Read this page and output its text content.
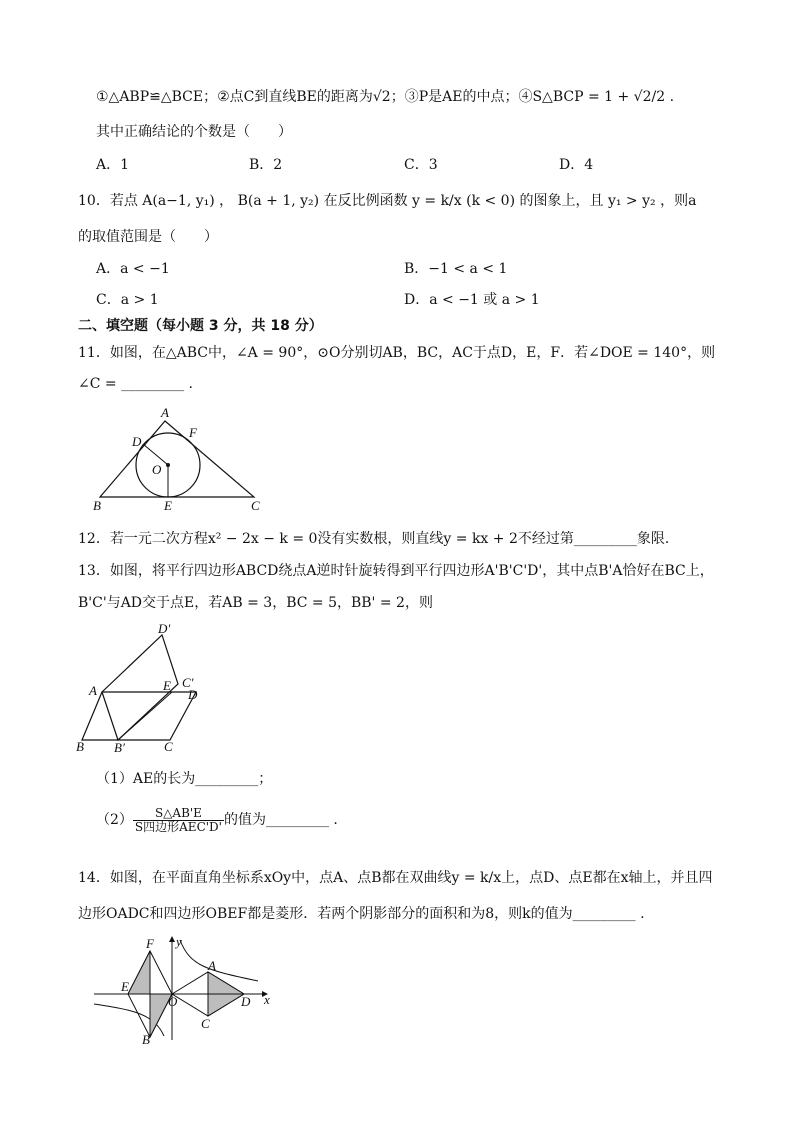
①△ABP≌△BCE；②点C到直线BE的距离为√2；③P是AE的中点；④S△BCP = 1 + √2/2 .
其中正确结论的个数是（　　）
A．1	B．2	C．3	D．4
10．若点 A(a−1, y₁) ， B(a + 1, y₂) 在反比例函数 y = k/x (k < 0) 的图象上，且 y₁ > y₂ ，则a
的取值范围是（　　）
A．a < −1	B．−1 < a < 1
C．a > 1	D．a < −1 或 a > 1
二、填空题（每小题 3 分，共 18 分）
11．如图，在△ABC中，∠A = 90°，⊙O分别切AB，BC，AC于点D，E，F．若∠DOE = 140°，则
∠C = _________ .
A
B	C
D
E
F
O
12．若一元二次方程x² − 2x − k = 0没有实数根，则直线y = kx + 2不经过第_________象限．
13．如图，将平行四边形ABCD绕点A逆时针旋转得到平行四边形A'B'C'D'，其中点B'A恰好在BC上，
B'C'与AD交于点E，若AB = 3，BC = 5，BB' = 2，则
A
B B'	C
C'
D
D'
E
（1）AE的长为_________；
$(2) \frac{S\triangle AB'E}{\text{S四边形AEC'D'}}$ 的值为_________ .
14．如图，在平面直角坐标系xOy中，点A、点B都在双曲线y = k/x上，点D、点E都在x轴上，并且四
边形OADC和四边形OBEF都是菱形．若两个阴影部分的面积和为8，则k的值为_________ .
A
B
C
D
E
F
O	x
y
